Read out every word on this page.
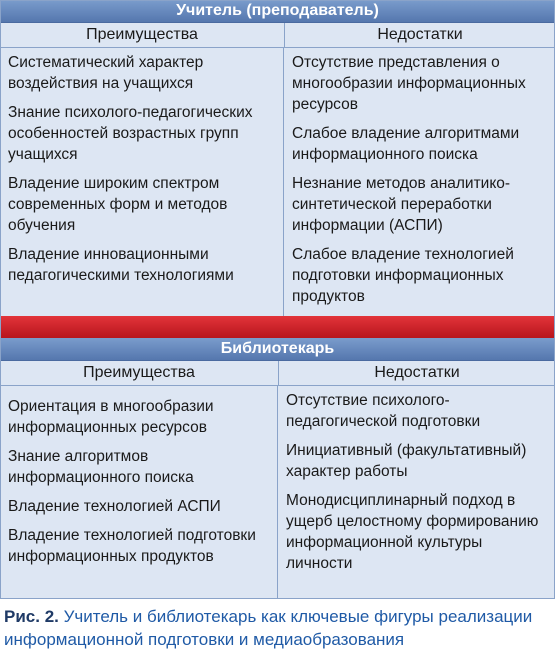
Учитель (преподаватель)
Преимущества	Недостатки
Систематический характер воздействия на учащихся
Знание психолого-педагогических особенностей возрастных групп учащихся
Владение широким спектром современных форм и методов обучения
Владение инновационными педагогическими технологиями
Отсутствие представления о многообразии информационных ресурсов
Слабое владение алгоритмами информационного поиска
Незнание методов аналитико-синтетической переработки информации (АСПИ)
Слабое владение технологией подготовки информационных продуктов
Библиотекарь
Преимущества	Недостатки
Ориентация в многообразии информационных ресурсов
Знание алгоритмов информационного поиска
Владение технологией АСПИ
Владение технологией подготовки информационных продуктов
Отсутствие психолого-педагогической подготовки
Инициативный (факультативный) характер работы
Монодисциплинарный подход в ущерб целостному формированию информационной культуры личности
Рис. 2. Учитель и библиотекарь как ключевые фигуры реализации информационной подготовки и медиаобразования
